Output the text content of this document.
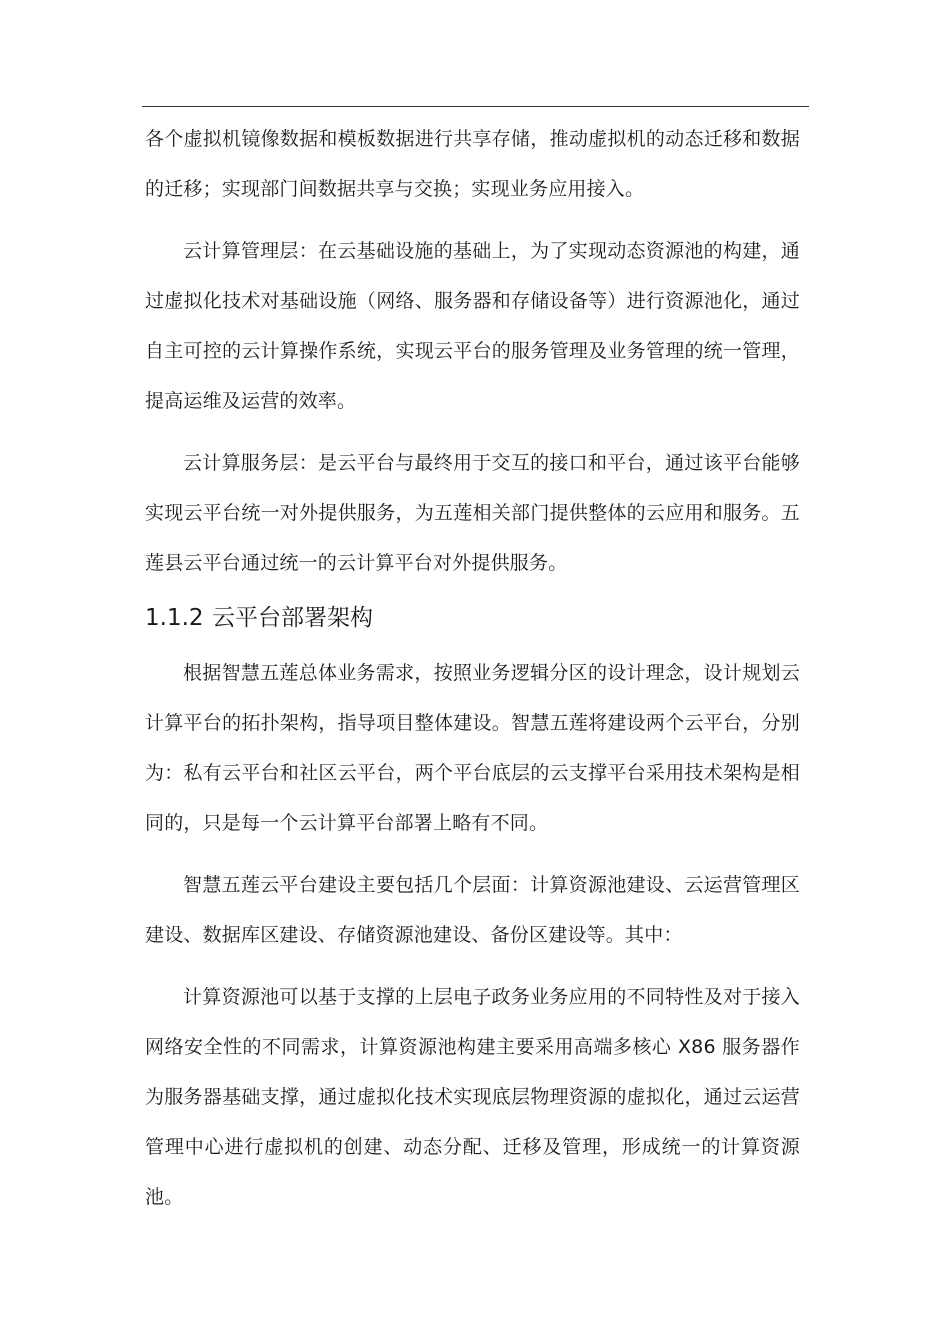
各个虚拟机镜像数据和模板数据进行共享存储，推动虚拟机的动态迁移和数据的迁移；实现部门间数据共享与交换；实现业务应用接入。

云计算管理层：在云基础设施的基础上，为了实现动态资源池的构建，通过虚拟化技术对基础设施（网络、服务器和存储设备等）进行资源池化，通过自主可控的云计算操作系统，实现云平台的服务管理及业务管理的统一管理，提高运维及运营的效率。

云计算服务层：是云平台与最终用于交互的接口和平台，通过该平台能够实现云平台统一对外提供服务，为五莲相关部门提供整体的云应用和服务。五莲县云平台通过统一的云计算平台对外提供服务。

1.1.2 云平台部署架构

根据智慧五莲总体业务需求，按照业务逻辑分区的设计理念，设计规划云计算平台的拓扑架构，指导项目整体建设。智慧五莲将建设两个云平台，分别为：私有云平台和社区云平台，两个平台底层的云支撑平台采用技术架构是相同的，只是每一个云计算平台部署上略有不同。

智慧五莲云平台建设主要包括几个层面：计算资源池建设、云运营管理区建设、数据库区建设、存储资源池建设、备份区建设等。其中：

计算资源池可以基于支撑的上层电子政务业务应用的不同特性及对于接入网络安全性的不同需求，计算资源池构建主要采用高端多核心 X86 服务器作为服务器基础支撑，通过虚拟化技术实现底层物理资源的虚拟化，通过云运营管理中心进行虚拟机的创建、动态分配、迁移及管理，形成统一的计算资源池。
